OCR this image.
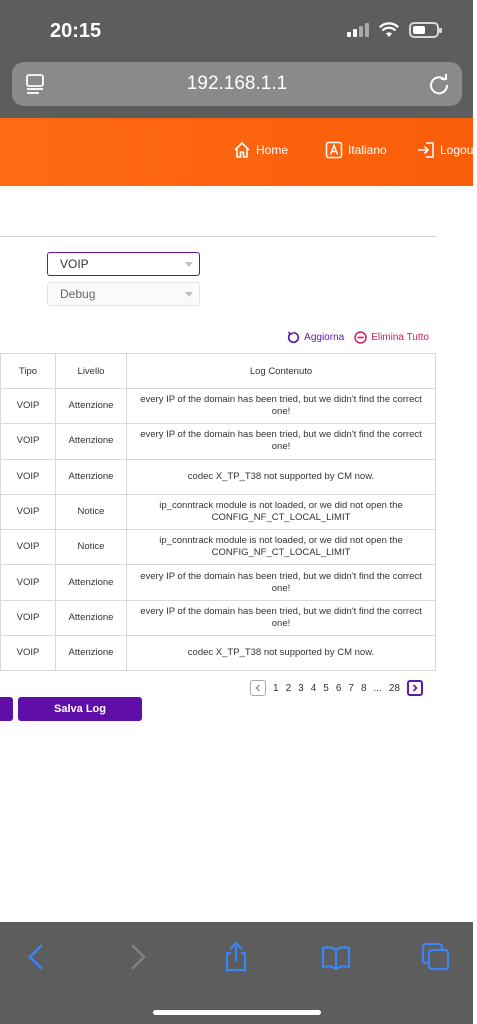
20:15
192.168.1.1
Home	Italiano	Logout
VOIP
Debug
Aggiorna	Elimina Tutto
Tipo	Livello	Log Contenuto
VOIP	Attenzione	every IP of the domain has been tried, but we didn't find the correct one!
VOIP	Attenzione	every IP of the domain has been tried, but we didn't find the correct one!
VOIP	Attenzione	codec X_TP_T38 not supported by CM now.
VOIP	Notice	ip_conntrack module is not loaded, or we did not open the CONFIG_NF_CT_LOCAL_LIMIT
VOIP	Notice	ip_conntrack module is not loaded, or we did not open the CONFIG_NF_CT_LOCAL_LIMIT
VOIP	Attenzione	every IP of the domain has been tried, but we didn't find the correct one!
VOIP	Attenzione	every IP of the domain has been tried, but we didn't find the correct one!
VOIP	Attenzione	codec X_TP_T38 not supported by CM now.
1 2 3 4 5 6 7 8 ... 28
Salva Log
